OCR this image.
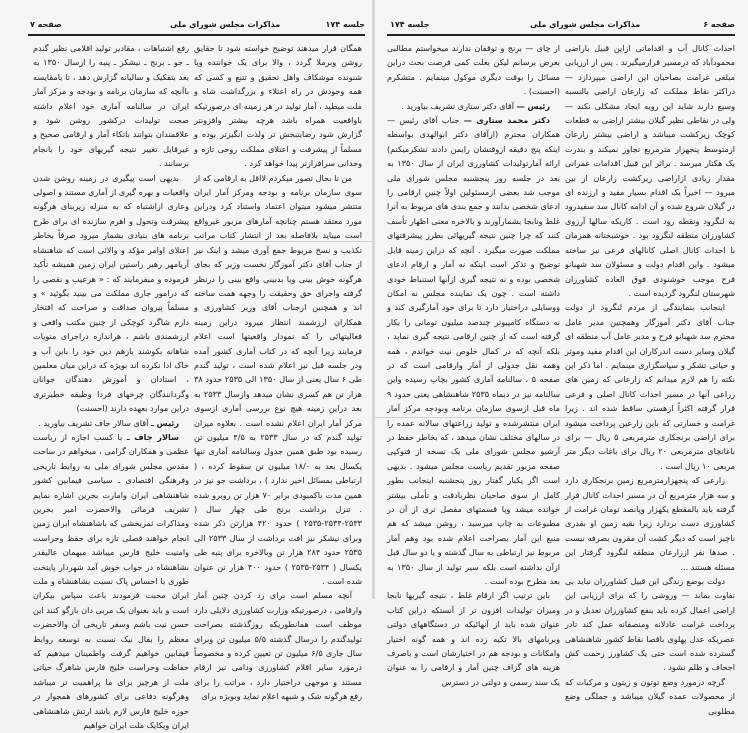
صفحه ۷	مذاکرات مجلس شورای ملی	جلسه ۱۷۴

همگان قرار میدهند توضیح خواسته شود تا حقایق روشن وبرملا گردد ، والا برای یک خواننده ویا شنونده موشکاف واهل تحقیق و تتبع و کسی که همه وجودش در راه اعتلاء و بزرگداشت شاه و ملت میطپد ، آمار تولید در هر زمینه ای درصورتیکه باواقعیت همراه باشد هرچه بیشتر وافزونتر گزارش شود رضایتبخش تر ولذت انگیزتر بوده و مسلماً از پیشرفت و اعتلای مملکت روحی تازه و وجدانی سرافرازتر پیدا خواهد کرد .

من تا بحال تصور میکردم لااقل به ارقامی که از سوی سازمان برنامه و بودجه ومرکز آمار ایران منتشر میشود میتوان اعتماد واستناد کرد ودراین مورد معتقد هستم چنانچه آمارهای مزبور غیرواقع است میباید بلافاصله بعد از انتشار کتاب مراتب تکذیب و نسخ مربوط جمع آوری میشد و اینک نیز از جناب آقای دکتر آموزگار نخست وزیر که بجای هرگونه خوش بینی ویا بدبینی واقع بینی را درنظر گرفته واجرای حق وحقیقت را وجهه همت ساخته اند و همچنین ازجناب آقای وزیر کشاورزی و همکاران ارزشمند انتظار میرود دراین زمینه فعالیتهائی را که نمودار واقعیتها است اعلام فرمایند زیرا آنچه که در کتاب آماری کشور آمده ودر جلسه قبل نیز اعلام شده است ، تولید گندم طی ۶ سال یعنی از سال ۱۳۵۰ الی ۲۵۳۵ حدود ۳۸ هزار تن هم کسری نشان میدهد وازسال ۲۵۳۳ به بعد دراین زمینه هیچ نوع بررسی آماری ازسوی مرکز آمار ایران اعلام نشده است . بعلاوه میزان تولید گندم که در سال ۲۵۳۳ به ۴/۵ میلیون تن رسیده بود طبق همین جدول وسالنامه آماری تنها یکسال بعد به ۱۸/۰ میلیون تن سقوط کرده ، ( ارتباطی بمسائل اخیر ندارد ) ، برداشت جو نیز در همین مدت باکمبودی برابر ۷۰ هزار تن روبرو شده . تنزل برداشت برنج طی چهار سال ( ۲۵۳۳-۲۵۳۴-۲۵۳۵ ) حدود ۴۲۰ هزارتن ذکر شده وبرای نیشکر نیز افت برداشت از سال ۲۵۳۳ الی ۲۵۳۵ حدود ۲۸۴ هزار تن وبالاخره برای پنبه طی یکسال ( ۲۵۳۴-۲۵۳۵ ) حدود ۴۰۰ هزار تن عنوان شده است .

آنچه مسلم است برای رد کردن چنین آمار وارقامی ، درصورتیکه وزارت کشاورزی دلایلی دارد موظف است همانطوریکه روزگذشته بصراحت تولیدگندم را درسال گذشته ۵/۵ میلیون تن وبرای سال جاری ۶/۵ میلیون تن تعیین کرده و مخصوصاً درمورد سایر اقلام کشاورزی ودامی نیز ارقام مستند و موجهی دراختیار دارد ، مراتب را برای رفع هرگونه شک و شبهه اعلام نماید وبویژه برای

رفع اشتباهات ، مقادیر تولید اقلامی نظیر گندم ـ جو ـ برنج ـ نیشکر ـ پنبه را ازسال ۱۳۵۰ به بعد بتفکیک و سالیانه گزارش دهد ، تا بامقایسه باآنچه که سازمان برنامه و بودجه و مرکز آمار ایران در سالنامه آماری خود اعلام داشته صحت تولیدات درکشور روشن شود و علاقمندان بتوانند باتکاء آمار و ارقامی صحیح و غیرقابل تغییر نتیجه گیریهای خود را بانجام برسانند .

بدیهی است پیگیری در زمینه روشن شدن واقعیات و بهره گیری از آماری مستند و اصولی وعاری ازاشتباه که به منزله زیربنای هرگونه پیشرفت وتحول و اهرم سازنده ای برای طرح برنامه های بنیادی بشمار میرود صرفاً بخاطر اعتلای اوامر مؤکد و والائی است که شاهنشاه آریامهر رهبر راستین ایران زمین همیشه تأکید فرموده و میفرمایند که : « هرعیب و نقصی را که درامور جاری مملکت می بینید بگوئید » و مسلماً پیروان صداقت و صراحت که افتخار دارم شاگرد کوچکی از چنین مکتب واقعی و ارزشمندی باشم ، هراندازه دراجرای منویات شاهانه بکوشند بازهم دین خود را باین آب و خاک ادا نکرده اند بویژه که دراین میان معلمین ، استادان و آموزش دهندگان جوانان وگردانندگان چرخهای فردا وظیفه خطیرتری دراین موارد بعهده دارند (احسنت)

رئیس ـ آقای سالار جاف تشریف بیاورید .

سالار جاف ـ با کسب اجازه از ریاست عظمی و همکاران گرامی ، میخواهم در ساحت مقدس مجلس شورای ملی به روابط تاریخی وفرهنگی اقتصادی ـ سیاسی فیمابین کشور شاهنشاهی ایران وامارت بحرین اشاره نمایم تشریف فرمائی والاحضرت امیر بحرین ومذاکرات ثمربخشی که باشاهنشاه ایران زمین انجام خواهند فصلی تازه برای حفظ وحراست وامنیت خلیج فارس میباشد میهمان عالیقدر بشاهنشاه در جواب خوش آمد شهردار پایتخت طوری با احساس پاک نسبت بشاهنشاه و ملت ایران محبت فرمودند باعث سپاس بیکران است و باید بعنوان یک مربی دان بازگو کنند این حسن نیت باشم وسفر تاریخی آن والاحضرت معظم را بفال نیک نسبت به توسعه روابط فیمابین خواهیم گرفت واطمینان میدهیم که حفاظت وحراست خلیج فارس شاهرگ حیاتی ملت از هرچیز برای ما پراهمیت تر میباشد وهرگونه دفاعی برای کشورهای همجوار در حوزه خلیج فارس لازم باشد ارتش شاهنشاهی ایران ویکایک ملت ایران خواهیم

جلسه ۱۷۴	مذاکرات مجلس شورای ملی	صفحه ۶

احداث کانال آب و اقداماتی ازاین قبیل باراضی محمودآباد که درمسیر قرارمیگیرند . پس از ارزیابی مبلغی غرامت بصاحبان این اراضی میپردازد — دراکثر نقاط مملکت که زارعان اراضی بالنسبه وسیع دارند شاید این رویه ایجاد مشکلی نکند — ولی در نقاطی نظیر گیلان بیشتر اراضی به قطعات کوچک زیرکشت میباشد و اراضی بیشتر زارعان ازمتوسط پنجهزار مترمربع تجاوز نمیکند و بندرت یک هکتار میرسد . براثر این قبیل اقدامات عمرانی مقدار زیادی ازاراضی زیرکشت زارعان از بین میرود — اخیراً یک اقدام بسیار مفید و ارزنده ای در گیلان شروع شده و آن ادامه کانال سد سفیدرود به لنگرود ونقطه رود است . کاریکه سالها آرزوی کشاورزان منطقه لنگرود بود . خوشبختانه همزمان با احداث کانال اصلی کانالهای فرعی نیز ساخته میشود . واین اقدام دولت و مسئولان سد شهبانو فرح موجب خوشنودی فوق العاده کشاورزان شهرستان لنگرود گردیده است .

اینجانب بنمایندگی از مردم لنگرود از دولت جناب آقای دکتر آموزگار وهمچنین مدیر عامل محترم سد شهبانو فرح و مدیر عامل آب منطقه ای گیلان وسایر دست اندرکاران این اقدام مفید وموثر و حیاتی تشکر و سپاسگزاری مینمایم . اما ذکر این نکته را هم لازم میدانم که زارعانی که زمین های زراعی آنها در مسیر احداث کانال اصلی و فرعی قرار گرفته اکثراً ازهستی ساقط شده اند . زیرا غرامت و خسارتی که باین زارعین پرداخت میشود برای اراضی برنجکاری مترمربعی ۵ ریال — برای باغاتچای مترمربعی ۲۰ ریال برای باغات دیگر متر مربعی ۱۰ ریال است .

زارعی که پنجهزارمترمربع زمین برنجکاری دارد و سه هزار مترمربع آن در مسیر احداث کانال قرار گرفته باید بالمقطع یکهزار وپانصد تومان غرامت از کشاورزی دست بردارد زیرا بقیه زمین او بقدری ناچیز است که دیگر کشت آن مقرون بصرفه نیست . صدها نفر اززارعان منطقه لنگرود گرفتار این مسئله هستند ...

دولت بوضع زندگی این قبیل کشاورزان نباید بی تفاوت بماند — وروشی را که برای ارزیابی این اراضی اعمال کرده باید بنفع کشاورزان تعدیل و در پرداخت غرامت عادلانه ومنصفانه عمل کند تادر عصریکه عدل پهلوی باقصا نقاط کشور شاهنشاهی گسترده شده است حتی یک کشاورز زحمت کش اجحاف و ظلم نشود .

گرچه درمورد وضع توتون و زیتون و مرکبات که از محصولات عمده گیلان میباشد و جملگی وضع مطلوبی

از چای — برنج و توقفان ندارند میخواستم مطالبی بعرض برسانم لیکن بعلت کمی فرصت بحث دراین مسائل را بوقت دیگری موکول مینمایم . متشکرم (احسنت) .

رئیس — آقای دکتر ستاری تشریف بیاورید .

دکتر محمد ستاری — جناب آقای رئیس —همکاران محترم (ازآقای دکتر ابوالهدی بواسطه اینکه پنج دقیقه ازوقتشان رابمن دادند تشکرمیکنم) ارائه آمارتولیدات کشاورزی ایران از سال ۱۳۵۰ به بعد در جلسه روز پنجشنبه مجلس شورای ملی موجب شد بعضی ازمسئولین اولاً چنین ارقامی را ادعای شخصی بدانند و جمع بندی های مربوط به آنرا غلط ونابجا بشمارآورند و بالاخره معنی اظهار تأسف کنند که چرا چنین نتیجه گیریهائی بطرز پیشرفتهای مملکت صورت میگیرد . آنچه که دراین زمینه قابل توضیح و تذکر است اینکه نه آمار و ارقام ادعای شخصی بوده و نه نتیجه گیری ازآنها استنباط خودی داشته است . چون یک نماینده مجلس نه امکان ووسایلی دراختیار دارد تا برای خود آمارگیری کند و نه دستگاه کامپیوتر چندصد میلیون تومانی را بکار گرفته است که از چنین ارقامی نتیجه گیری نماید ، بلکه آنچه که در کمال خلوص نیت خواندم ، همه وهمه نقل جدولی از آمار وارقامی است که در صفحه ۵ ، سالنامه آماری کشور بچاپ رسیده واین سالنامه نیز در دیماه ۲۵۳۵ شاهنشاهی یعنی حدود ۹ ماه قبل ازسوی سازمان برنامه وبودجه مرکز آمار ایران منتشرشده و تولید زراعتهای سالانه عمده را در سالهای مختلف نشان میدهد ، که بخاطر حفظ در آرشیو مجلس شورای ملی یک نسخه از فتوکپی صفحه مزبور تقدیم ریاست مجلس میشود . بدیهی است اگر یکبار گفتار روز پنجشنبه اینجانب بطور کامل از سوی صاحبان نظربادقت و تأملی بیشتر خوانده میشد ویا قسمتهای مفصل تری از آن در مطبوعات به چاپ میرسید ، روشن میشد که هم منبع این آمار بصراحت اعلام شده بود وهم آمار مربوط نیز ارتباطی به سال گذشته و یا دو سال قبل ازآن نداشته است بلکه سیر تولید از سال ۱۳۵۰ به بعد مطرح بوده است .

باین ترتیب اگر ارقام غلط ، نتیجه گیریها نابجا ومیزان تولیدات افزون تر از آنستکه دراین کتاب عنوان شده باید از آنهائیکه در دستگاههای دولتی وبرنامهای بالا تکیه زده اند و همه گونه اختیار وامکانات و بودجه هم در اختیارشان است و باصرف هزینه های گزاف چنین آمار و ارقامی را به عنوان یک سند رسمی و دولتی در دسترس
